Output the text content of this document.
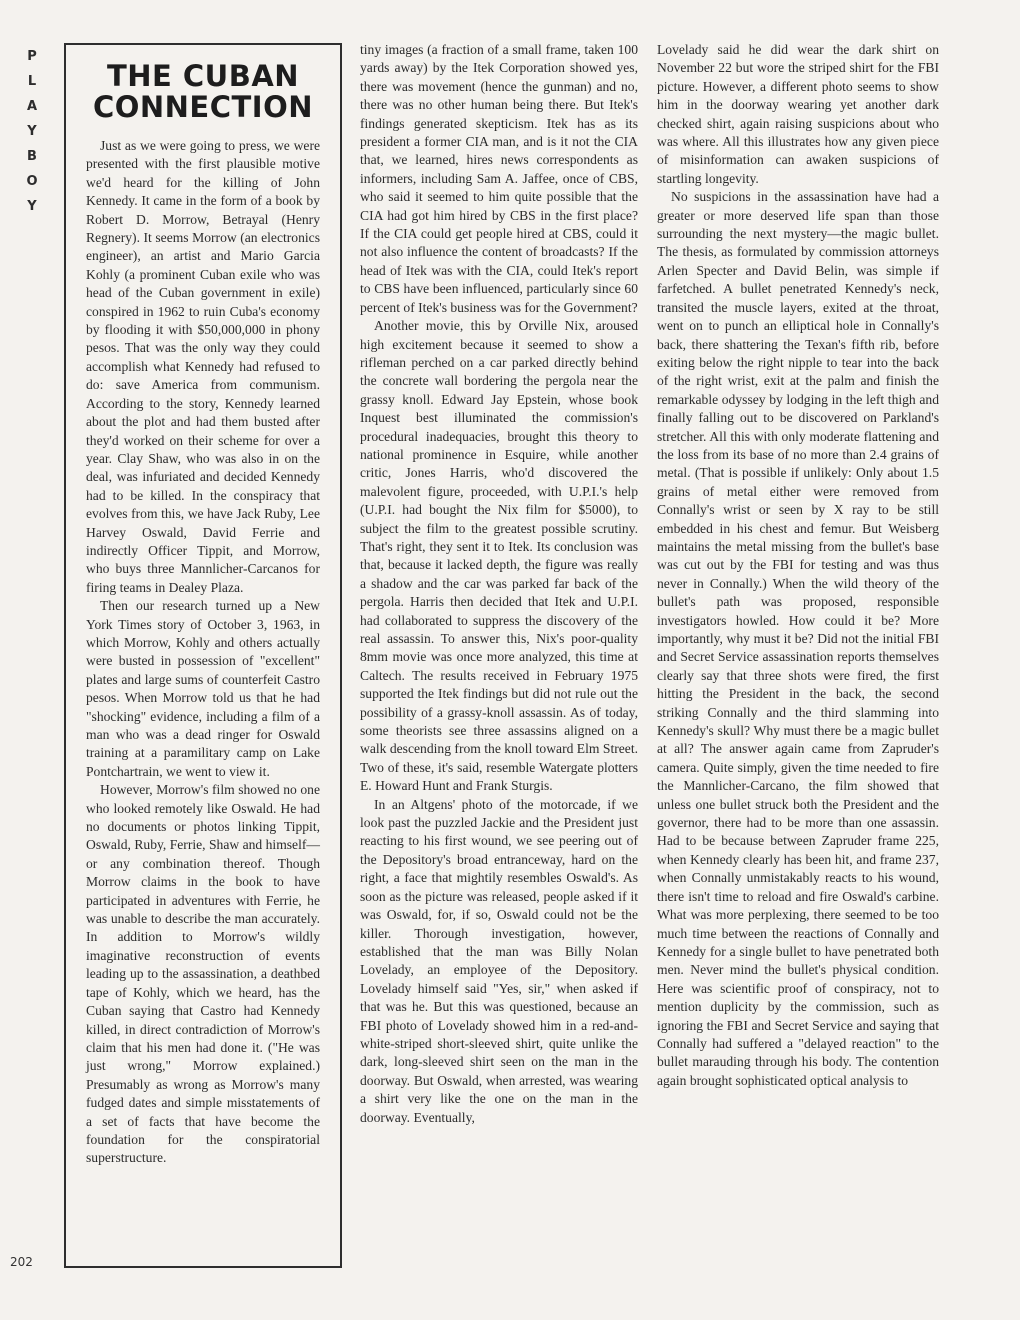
P
L
A
Y
B
O
Y
202
THE CUBAN
CONNECTION

Just as we were going to press, we were presented with the first plausible motive we'd heard for the killing of John Kennedy. It came in the form of a book by Robert D. Morrow, Betrayal (Henry Regnery). It seems Morrow (an electronics engineer), an artist and Mario Garcia Kohly (a prominent Cuban exile who was head of the Cuban government in exile) conspired in 1962 to ruin Cuba's economy by flooding it with $50,000,000 in phony pesos. That was the only way they could accomplish what Kennedy had refused to do: save America from communism. According to the story, Kennedy learned about the plot and had them busted after they'd worked on their scheme for over a year. Clay Shaw, who was also in on the deal, was infuriated and decided Kennedy had to be killed. In the conspiracy that evolves from this, we have Jack Ruby, Lee Harvey Oswald, David Ferrie and indirectly Officer Tippit, and Morrow, who buys three Mannlicher-Carcanos for firing teams in Dealey Plaza.

Then our research turned up a New York Times story of October 3, 1963, in which Morrow, Kohly and others actually were busted in possession of "excellent" plates and large sums of counterfeit Castro pesos. When Morrow told us that he had "shocking" evidence, including a film of a man who was a dead ringer for Oswald training at a paramilitary camp on Lake Pontchartrain, we went to view it.

However, Morrow's film showed no one who looked remotely like Oswald. He had no documents or photos linking Tippit, Oswald, Ruby, Ferrie, Shaw and himself—or any combination thereof. Though Morrow claims in the book to have participated in adventures with Ferrie, he was unable to describe the man accurately. In addition to Morrow's wildly imaginative reconstruction of events leading up to the assassination, a deathbed tape of Kohly, which we heard, has the Cuban saying that Castro had Kennedy killed, in direct contradiction of Morrow's claim that his men had done it. ("He was just wrong," Morrow explained.) Presumably as wrong as Morrow's many fudged dates and simple misstatements of a set of facts that have become the foundation for the conspiratorial superstructure.

tiny images (a fraction of a small frame, taken 100 yards away) by the Itek Corporation showed yes, there was movement (hence the gunman) and no, there was no other human being there. But Itek's findings generated skepticism. Itek has as its president a former CIA man, and is it not the CIA that, we learned, hires news correspondents as informers, including Sam A. Jaffee, once of CBS, who said it seemed to him quite possible that the CIA had got him hired by CBS in the first place? If the CIA could get people hired at CBS, could it not also influence the content of broadcasts? If the head of Itek was with the CIA, could Itek's report to CBS have been influenced, particularly since 60 percent of Itek's business was for the Government?

Another movie, this by Orville Nix, aroused high excitement because it seemed to show a rifleman perched on a car parked directly behind the concrete wall bordering the pergola near the grassy knoll. Edward Jay Epstein, whose book Inquest best illuminated the commission's procedural inadequacies, brought this theory to national prominence in Esquire, while another critic, Jones Harris, who'd discovered the malevolent figure, proceeded, with U.P.I.'s help (U.P.I. had bought the Nix film for $5000), to subject the film to the greatest possible scrutiny. That's right, they sent it to Itek. Its conclusion was that, because it lacked depth, the figure was really a shadow and the car was parked far back of the pergola. Harris then decided that Itek and U.P.I. had collaborated to suppress the discovery of the real assassin. To answer this, Nix's poor-quality 8mm movie was once more analyzed, this time at Caltech. The results received in February 1975 supported the Itek findings but did not rule out the possibility of a grassy-knoll assassin. As of today, some theorists see three assassins aligned on a walk descending from the knoll toward Elm Street. Two of these, it's said, resemble Watergate plotters E. Howard Hunt and Frank Sturgis.

In an Altgens' photo of the motorcade, if we look past the puzzled Jackie and the President just reacting to his first wound, we see peering out of the Depository's broad entranceway, hard on the right, a face that mightily resembles Oswald's. As soon as the picture was released, people asked if it was Oswald, for, if so, Oswald could not be the killer. Thorough investigation, however, established that the man was Billy Nolan Lovelady, an employee of the Depository. Lovelady himself said "Yes, sir," when asked if that was he. But this was questioned, because an FBI photo of Lovelady showed him in a red-and-white-striped short-sleeved shirt, quite unlike the dark, long-sleeved shirt seen on the man in the doorway. But Oswald, when arrested, was wearing a shirt very like the one on the man in the doorway. Eventually,

Lovelady said he did wear the dark shirt on November 22 but wore the striped shirt for the FBI picture. However, a different photo seems to show him in the doorway wearing yet another dark checked shirt, again raising suspicions about who was where. All this illustrates how any given piece of misinformation can awaken suspicions of startling longevity.

No suspicions in the assassination have had a greater or more deserved life span than those surrounding the next mystery—the magic bullet. The thesis, as formulated by commission attorneys Arlen Specter and David Belin, was simple if farfetched. A bullet penetrated Kennedy's neck, transited the muscle layers, exited at the throat, went on to punch an elliptical hole in Connally's back, there shattering the Texan's fifth rib, before exiting below the right nipple to tear into the back of the right wrist, exit at the palm and finish the remarkable odyssey by lodging in the left thigh and finally falling out to be discovered on Parkland's stretcher. All this with only moderate flattening and the loss from its base of no more than 2.4 grains of metal. (That is possible if unlikely: Only about 1.5 grains of metal either were removed from Connally's wrist or seen by X ray to be still embedded in his chest and femur. But Weisberg maintains the metal missing from the bullet's base was cut out by the FBI for testing and was thus never in Connally.) When the wild theory of the bullet's path was proposed, responsible investigators howled. How could it be? More importantly, why must it be? Did not the initial FBI and Secret Service assassination reports themselves clearly say that three shots were fired, the first hitting the President in the back, the second striking Connally and the third slamming into Kennedy's skull? Why must there be a magic bullet at all? The answer again came from Zapruder's camera. Quite simply, given the time needed to fire the Mannlicher-Carcano, the film showed that unless one bullet struck both the President and the governor, there had to be more than one assassin. Had to be because between Zapruder frame 225, when Kennedy clearly has been hit, and frame 237, when Connally unmistakably reacts to his wound, there isn't time to reload and fire Oswald's carbine. What was more perplexing, there seemed to be too much time between the reactions of Connally and Kennedy for a single bullet to have penetrated both men. Never mind the bullet's physical condition. Here was scientific proof of conspiracy, not to mention duplicity by the commission, such as ignoring the FBI and Secret Service and saying that Connally had suffered a "delayed reaction" to the bullet marauding through his body. The contention again brought sophisticated optical analysis to
